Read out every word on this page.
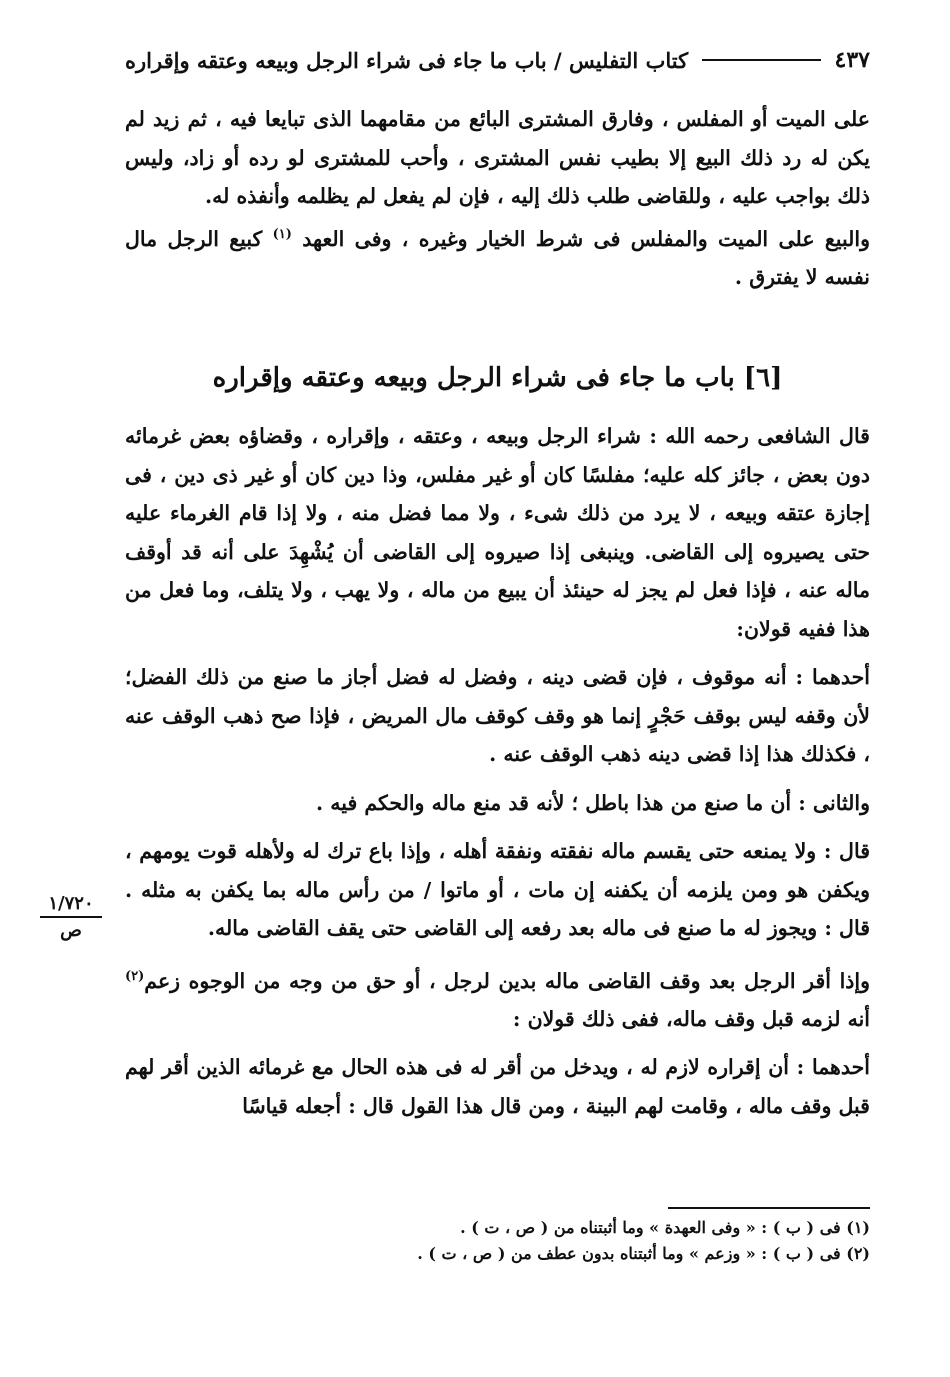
كتاب التفليس / باب ما جاء فى شراء الرجل وبيعه وعتقه وإقراره	٤٣٧

على الميت أو المفلس ، وفارق المشترى البائع من مقامهما الذى تبايعا فيه ، ثم زيد لم يكن له رد ذلك البيع إلا بطيب نفس المشترى ، وأحب للمشترى لو رده أو زاد، وليس ذلك بواجب عليه ، وللقاضى طلب ذلك إليه ، فإن لم يفعل لم يظلمه وأنفذه له.

والبيع على الميت والمفلس فى شرط الخيار وغيره ، وفى العهد $^{(١)}$ كبيع الرجل مال نفسه لا يفترق .

[٦] باب ما جاء فى شراء الرجل وبيعه وعتقه وإقراره

قال الشافعى رحمه الله : شراء الرجل وبيعه ، وعتقه ، وإقراره ، وقضاؤه بعض غرمائه دون بعض ، جائز كله عليه؛ مفلسًا كان أو غير مفلس، وذا دين كان أو غير ذى دين ، فى إجازة عتقه وبيعه ، لا يرد من ذلك شىء ، ولا مما فضل منه ، ولا إذا قام الغرماء عليه حتى يصيروه إلى القاضى. وينبغى إذا صيروه إلى القاضى أن يُشْهِدَ على أنه قد أوقف ماله عنه ، فإذا فعل لم يجز له حينئذ أن يبيع من ماله ، ولا يهب ، ولا يتلف، وما فعل من هذا ففيه قولان:

أحدهما : أنه موقوف ، فإن قضى دينه ، وفضل له فضل أجاز ما صنع من ذلك الفضل؛ لأن وقفه ليس بوقف حَجْرٍ إنما هو وقف كوقف مال المريض ، فإذا صح ذهب الوقف عنه ، فكذلك هذا إذا قضى دينه ذهب الوقف عنه .

والثانى : أن ما صنع من هذا باطل ؛ لأنه قد منع ماله والحكم فيه .

قال : ولا يمنعه حتى يقسم ماله نفقته ونفقة أهله ، وإذا باع ترك له ولأهله قوت يومهم ، ويكفن هو ومن يلزمه أن يكفنه إن مات ، أو ماتوا / من رأس ماله بما يكفن به مثله . قال : ويجوز له ما صنع فى ماله بعد رفعه إلى القاضى حتى يقف القاضى ماله.

وإذا أقر الرجل بعد وقف القاضى ماله بدين لرجل ، أو حق من وجه من الوجوه زعم$^{(٢)}$ أنه لزمه قبل وقف ماله، ففى ذلك قولان :

أحدهما : أن إقراره لازم له ، ويدخل من أقر له فى هذه الحال مع غرمائه الذين أقر لهم قبل وقف ماله ، وقامت لهم البينة ، ومن قال هذا القول قال : أجعله قياسًا

١/٧٢٠
ص
(١) فى ( ب ) : « وفى العهدة » وما أثبتناه من ( ص ، ت ) .
(٢) فى ( ب ) : « وزعم » وما أثبتناه بدون عطف من ( ص ، ت ) .
